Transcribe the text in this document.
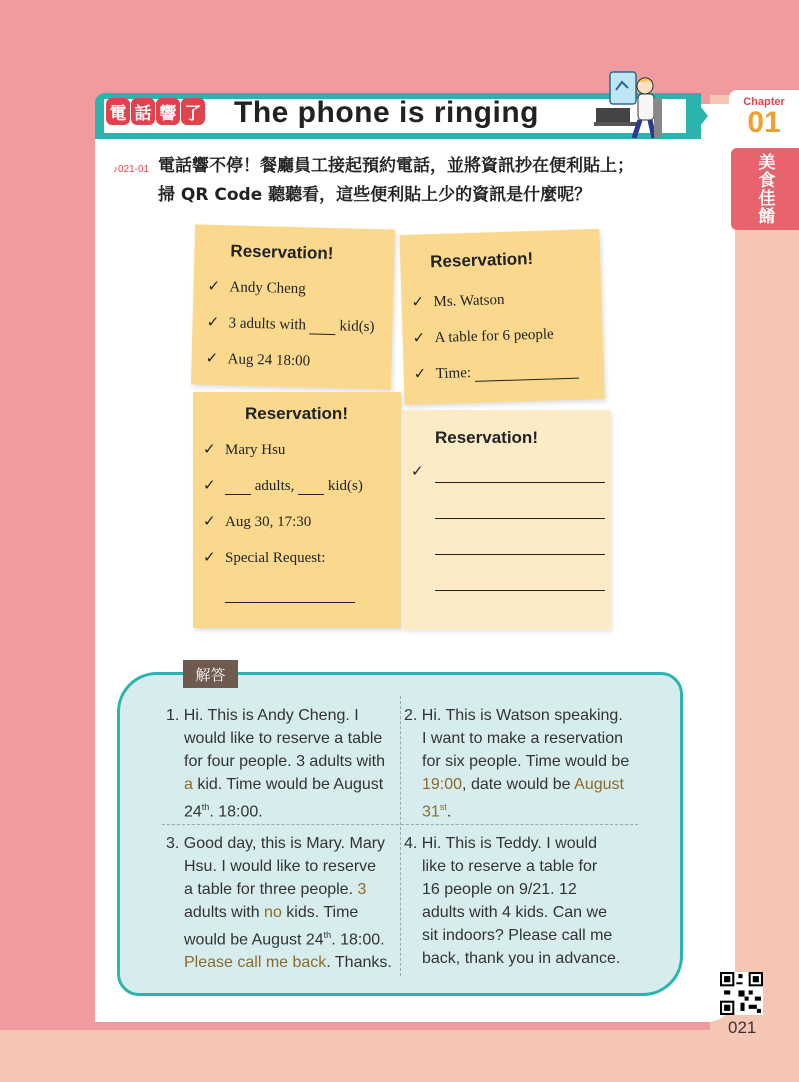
電 話 響 了 The phone is ringing	Chapter
01
美食佳餚
♪021-01 電話響不停！餐廳員工接起預約電話，並將資訊抄在便利貼上；
掃 QR Code 聽聽看，這些便利貼上少的資訊是什麼呢？
Reservation!
✓ Andy Cheng
✓ 3 adults with kid(s)
✓ Aug 24 18:00
Reservation!
✓ Ms. Watson
✓ A table for 6 people
✓ Time:
Reservation!
✓ Mary Hsu
✓	adults, kid(s)
✓ Aug 30, 17:30
✓ Special Request:
Reservation!
✓
解答

1. Hi. This is Andy Cheng. I

would like to reserve a table

for four people. 3 adults with

a kid. Time would be August

24th. 18:00.

2. Hi. This is Watson speaking.

I want to make a reservation

for six people. Time would be

19:00, date would be August

31st.

3. Good day, this is Mary. Mary

Hsu. I would like to reserve

a table for three people. 3

adults with no kids. Time

would be August 24th. 18:00.

Please call me back. Thanks.

4. Hi. This is Teddy. I would

like to reserve a table for

16 people on 9/21. 12

adults with 4 kids. Can we

sit indoors? Please call me

back, thank you in advance.

021
